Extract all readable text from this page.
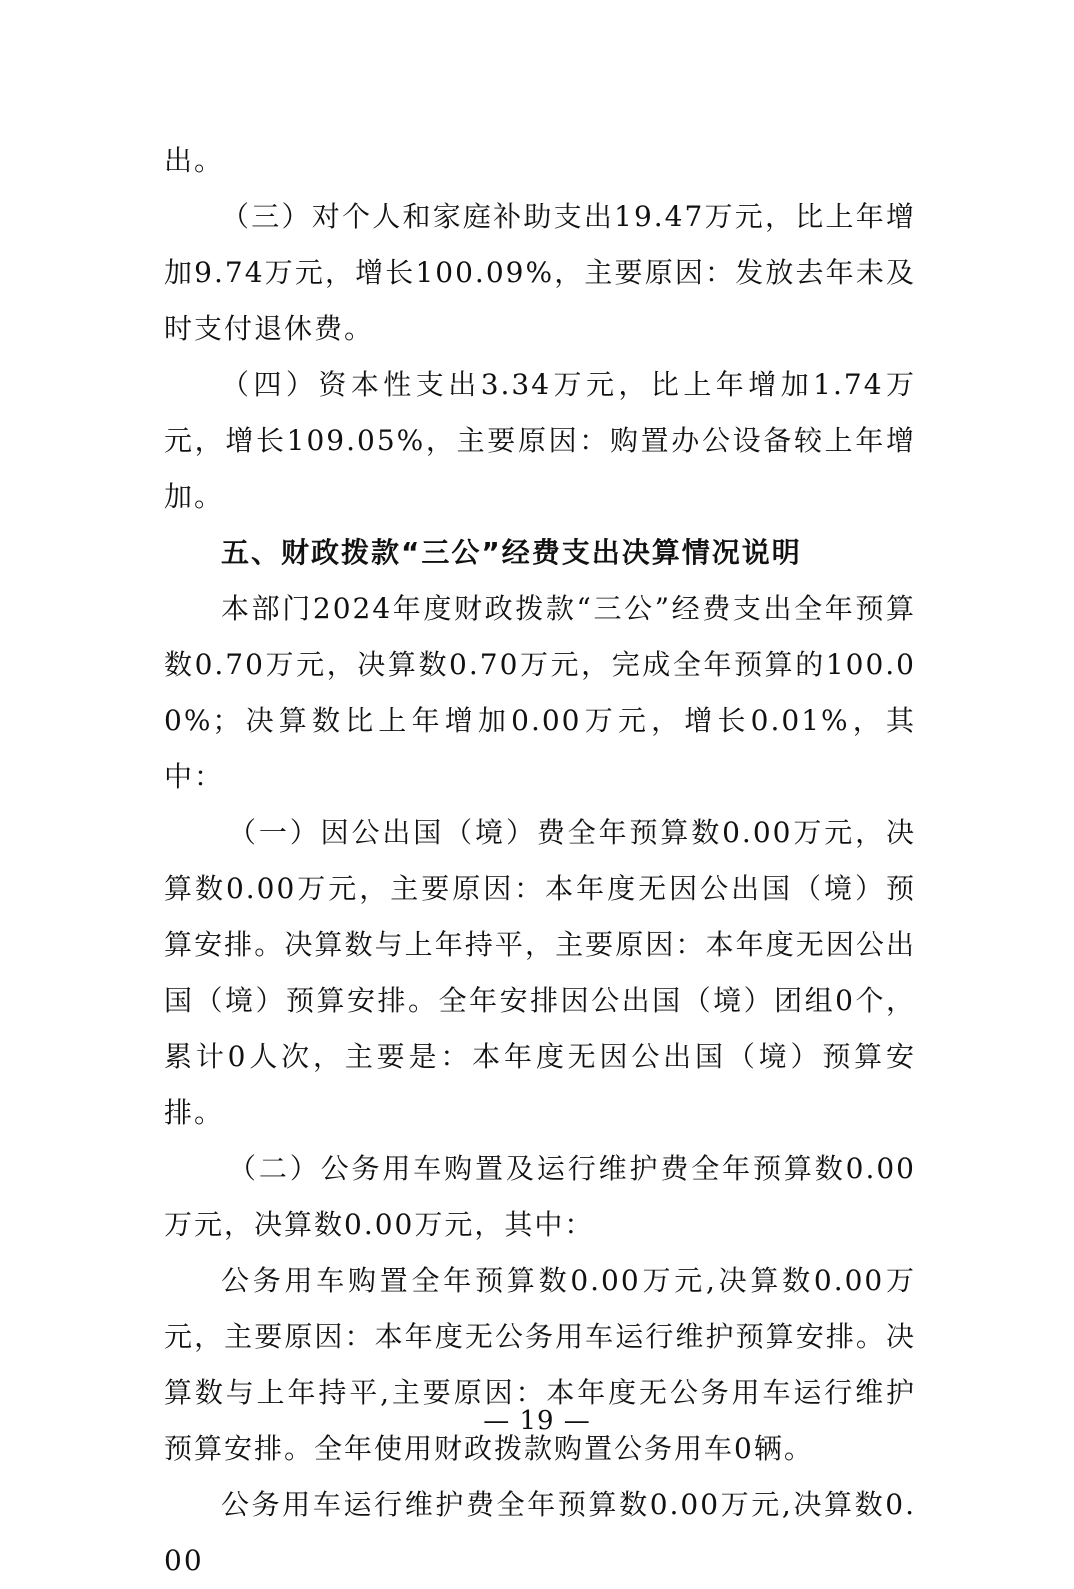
出。

（三）对个人和家庭补助支出19.47万元，比上年增加9.74万元，增长100.09%，主要原因：发放去年未及时支付退休费。

（四）资本性支出3.34万元，比上年增加1.74万元，增长109.05%，主要原因：购置办公设备较上年增加。

五、财政拨款“三公”经费支出决算情况说明

本部门2024年度财政拨款“三公”经费支出全年预算数0.70万元，决算数0.70万元，完成全年预算的100.00%；决算数比上年增加0.00万元，增长0.01%，其中：

（一）因公出国（境）费全年预算数0.00万元，决算数0.00万元，主要原因：本年度无因公出国（境）预算安排。决算数与上年持平，主要原因：本年度无因公出国（境）预算安排。全年安排因公出国（境）团组0个，累计0人次，主要是：本年度无因公出国（境）预算安排。

（二）公务用车购置及运行维护费全年预算数0.00万元，决算数0.00万元，其中：

公务用车购置全年预算数0.00万元,决算数0.00万元，主要原因：本年度无公务用车运行维护预算安排。决算数与上年持平,主要原因：本年度无公务用车运行维护预算安排。全年使用财政拨款购置公务用车0辆。

公务用车运行维护费全年预算数0.00万元,决算数0.00

— 19 —
